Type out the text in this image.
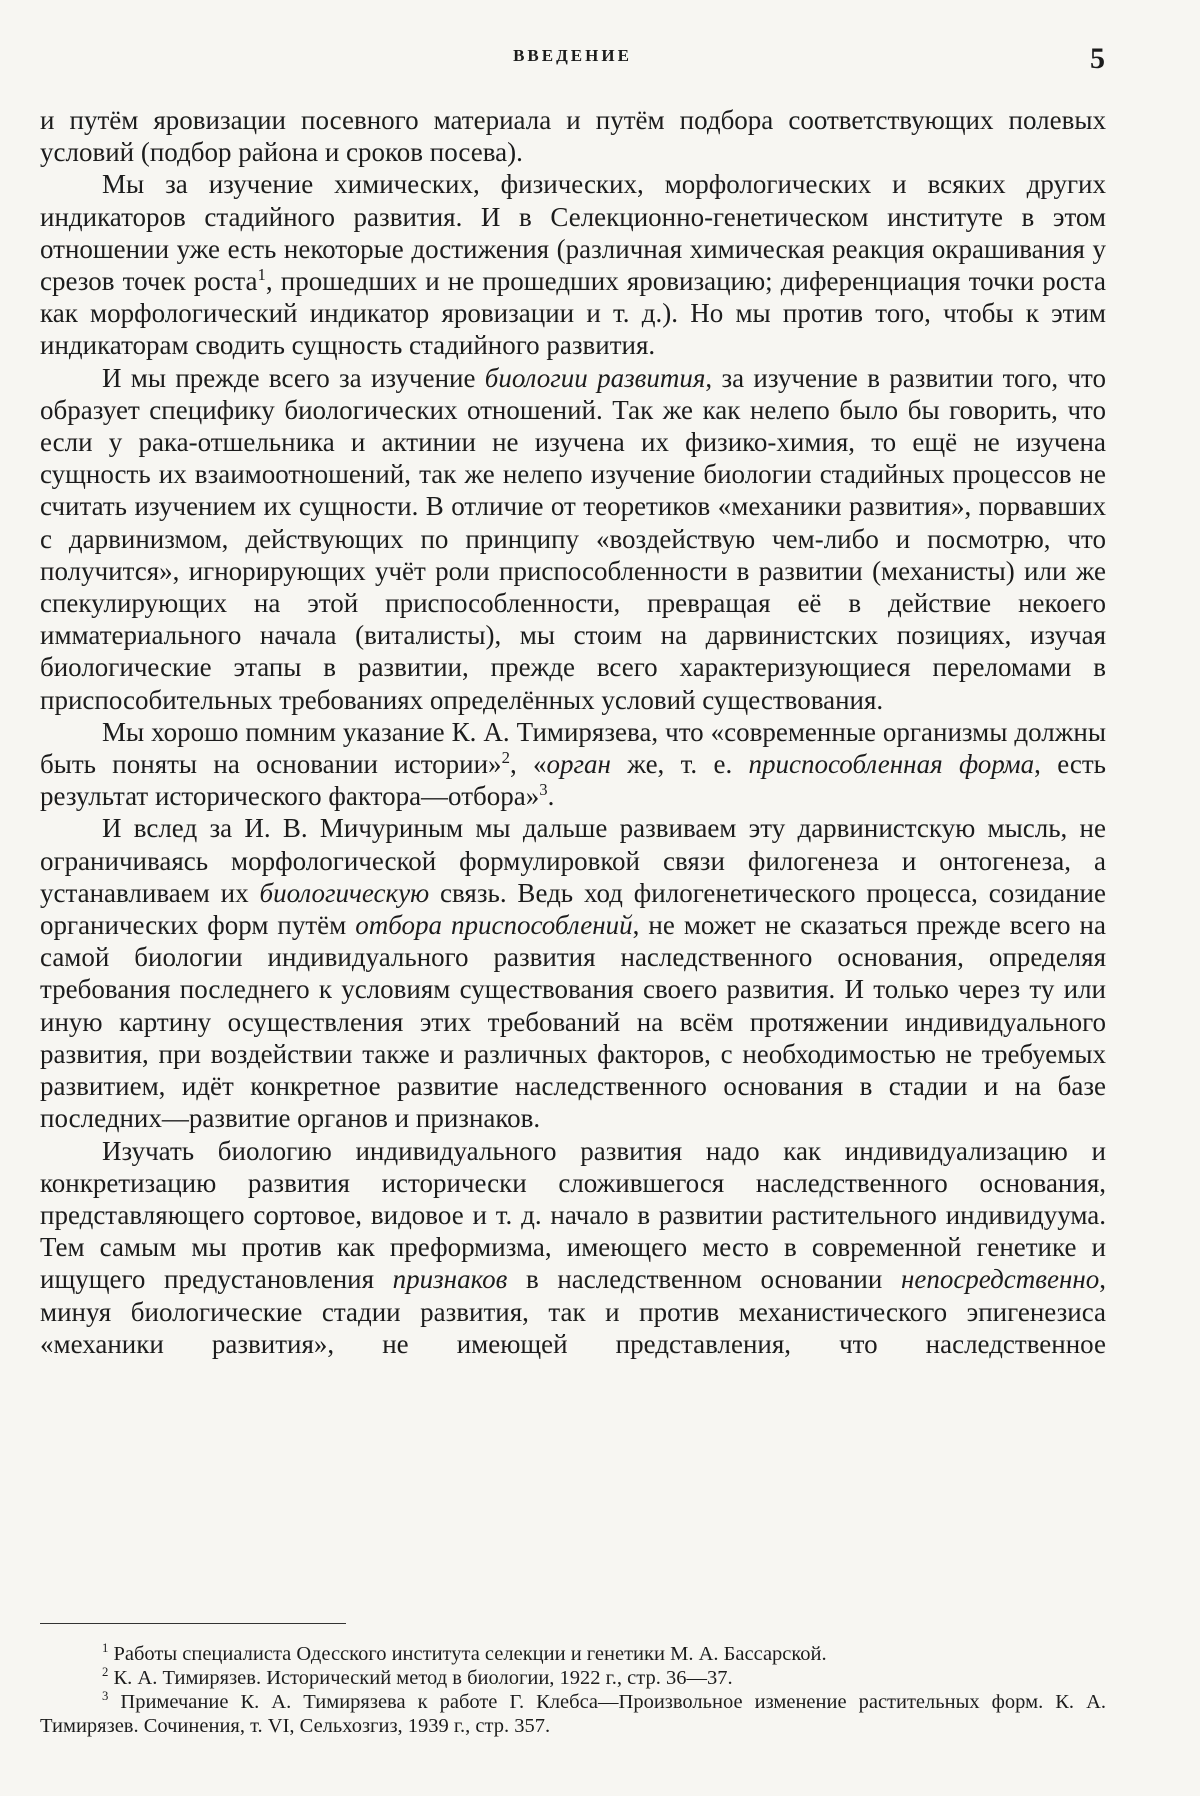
ВВЕДЕНИЕ	5

и путём яровизации посевного материала и путём подбора соответствующих полевых условий (подбор района и сроков посева).

Мы за изучение химических, физических, морфологических и всяких других индикаторов стадийного развития. И в Селекционно-генетическом институте в этом отношении уже есть некоторые достижения (различная химическая реакция окрашивания у срезов точек роста$^1$, прошедших и не прошедших яровизацию; диференциация точки роста как морфологический индикатор яровизации и т. д.). Но мы против того, чтобы к этим индикаторам сводить сущность стадийного развития.

И мы прежде всего за изучение биологии развития, за изучение в развитии того, что образует специфику биологических отношений. Так же как нелепо было бы говорить, что если у рака-отшельника и актинии не изучена их физико-химия, то ещё не изучена сущность их взаимоотношений, так же нелепо изучение биологии стадийных процессов не считать изучением их сущности. В отличие от теоретиков «механики развития», порвавших с дарвинизмом, действующих по принципу «воздействую чем-либо и посмотрю, что получится», игнорирующих учёт роли приспособленности в развитии (механисты) или же спекулирующих на этой приспособленности, превращая её в действие некоего имматериального начала (виталисты), мы стоим на дарвинистских позициях, изучая биологические этапы в развитии, прежде всего характеризующиеся переломами в приспособительных требованиях определённых условий существования.

Мы хорошо помним указание К. А. Тимирязева, что «современные организмы должны быть поняты на основании истории»$^2$, «орган же, т. е. приспособленная форма, есть результат исторического фактора—отбора»$^3$.

И вслед за И. В. Мичуриным мы дальше развиваем эту дарвинистскую мысль, не ограничиваясь морфологической формулировкой связи филогенеза и онтогенеза, а устанавливаем их биологическую связь. Ведь ход филогенетического процесса, созидание органических форм путём отбора приспособлений, не может не сказаться прежде всего на самой биологии индивидуального развития наследственного основания, определяя требования последнего к условиям существования своего развития. И только через ту или иную картину осуществления этих требований на всём протяжении индивидуального развития, при воздействии также и различных факторов, с необходимостью не требуемых развитием, идёт конкретное развитие наследственного основания в стадии и на базе последних—развитие органов и признаков.

Изучать биологию индивидуального развития надо как индивидуализацию и конкретизацию развития исторически сложившегося наследственного основания, представляющего сортовое, видовое и т. д. начало в развитии растительного индивидуума. Тем самым мы против как преформизма, имеющего место в современной генетике и ищущего предустановления признаков в наследственном основании непосредственно, минуя биологические стадии развития, так и против механистического эпигенезиса «механики развития», не имеющей представления, что наследственное

$^1$ Работы специалиста Одесского института селекции и генетики М. А. Бассарской.

$^2$ К. А. Тимирязев. Исторический метод в биологии, 1922 г., стр. 36—37.

$^3$ Примечание К. А. Тимирязева к работе Г. Клебса—Произвольное изменение растительных форм. К. А. Тимирязев. Сочинения, т. VI, Сельхозгиз, 1939 г., стр. 357.
